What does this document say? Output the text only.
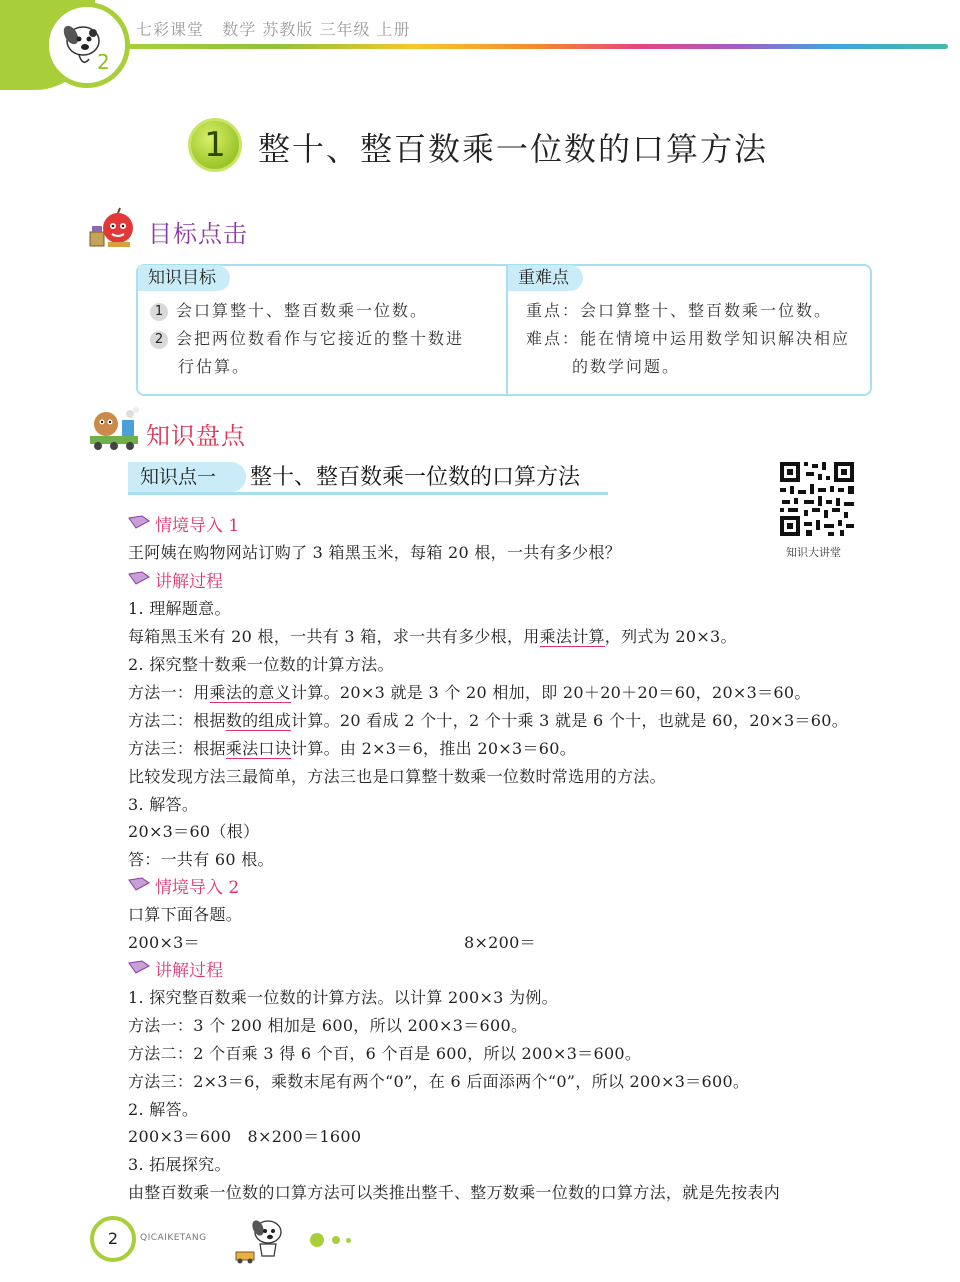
2
七彩课堂 数学 苏教版 三年级 上册
1	整十、整百数乘一位数的口算方法
目标点击
知识目标	重难点
1 会口算整十、整百数乘一位数。
2 会把两位数看作与它接近的整十数进
行估算。
重点：会口算整十、整百数乘一位数。
难点：能在情境中运用数学知识解决相应
的数学问题。
知识盘点
知识点一	整十、整百数乘一位数的口算方法
知识大讲堂
情境导入 1
王阿姨在购物网站订购了 3 箱黑玉米，每箱 20 根，一共有多少根？
讲解过程
1. 理解题意。
每箱黑玉米有 20 根，一共有 3 箱，求一共有多少根，用乘法计算，列式为 20×3。
2. 探究整十数乘一位数的计算方法。
方法一：用乘法的意义计算。20×3 就是 3 个 20 相加，即 20＋20＋20＝60，20×3＝60。
方法二：根据数的组成计算。20 看成 2 个十，2 个十乘 3 就是 6 个十，也就是 60，20×3＝60。
方法三：根据乘法口诀计算。由 2×3＝6，推出 20×3＝60。
比较发现方法三最简单，方法三也是口算整十数乘一位数时常选用的方法。
3. 解答。
20×3＝60（根）
答：一共有 60 根。
情境导入 2
口算下面各题。
200×3＝	8×200＝
讲解过程
1. 探究整百数乘一位数的计算方法。以计算 200×3 为例。
方法一：3 个 200 相加是 600，所以 200×3＝600。
方法二：2 个百乘 3 得 6 个百，6 个百是 600，所以 200×3＝600。
方法三：2×3＝6，乘数末尾有两个“0”，在 6 后面添两个“0”，所以 200×3＝600。
2. 解答。
200×3＝600   8×200＝1600
3. 拓展探究。
由整百数乘一位数的口算方法可以类推出整千、整万数乘一位数的口算方法，就是先按表内
2	QICAIKETANG
